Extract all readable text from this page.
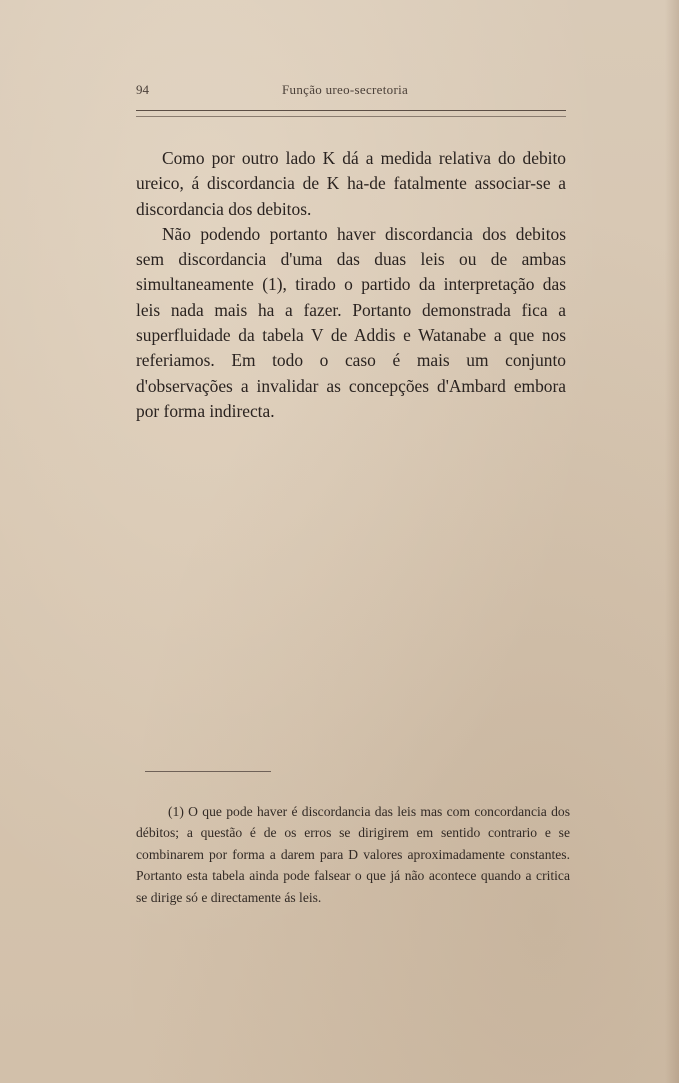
94	Função ureo-secretoria

Como por outro lado K dá a medida relativa do debito ureico, á discordancia de K ha-de fatalmente associar-se a discordancia dos debitos.

Não podendo portanto haver discordancia dos debitos sem discordancia d'uma das duas leis ou de ambas simultaneamente (1), tirado o partido da interpretação das leis nada mais ha a fazer. Portanto demonstrada fica a superfluidade da tabela V de Addis e Watanabe a que nos referiamos. Em todo o caso é mais um conjunto d'observações a invalidar as concepções d'Ambard embora por forma indirecta.

(1) O que pode haver é discordancia das leis mas com concordancia dos débitos; a questão é de os erros se dirigirem em sentido contrario e se combinarem por forma a darem para D valores aproximadamente constantes. Portanto esta tabela ainda pode falsear o que já não acontece quando a critica se dirige só e directamente ás leis.
